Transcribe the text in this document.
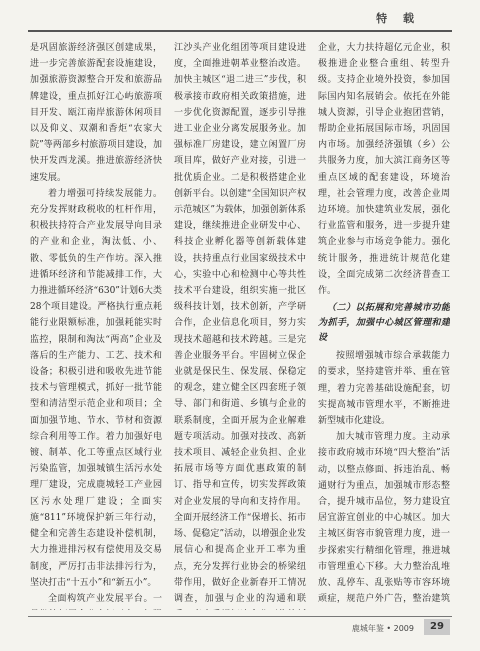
特 载

是巩固旅游经济强区创建成果，进一步完善旅游配套设施建设，加强旅游资源整合开发和旅游品牌建设，重点抓好江心屿旅游项目开发、瓯江南岸旅游休闲项目以及仰义、双潮和香炬“农家大院”等两部乡村旅游项目建设，加快开发西龙溪。推进旅游经济快速发展。

着力增强可持续发展能力。充分发挥财政税收的杠杆作用，积极扶持符合产业发展导向目录的产业和企业，淘汰低、小、散、零低负的生产作坊。深入推进循环经济和节能减排工作，大力推进循环经济“630”计划6大类28个项目建设。严格执行重点耗能行业限额标准，加强耗能实时监控，限制和淘汰“两高”企业及落后的生产能力、工艺、技术和设备；积极引进和吸收先进节能技术与管理模式，抓好一批节能型和清洁型示范企业和项目；全面加强节地、节水、节材和资源综合利用等工作。着力加强好电镀、制革、化工等重点区域行业污染监管，加强城镇生活污水处理厂建设，完成鹿城轻工产业园区污水处理厂建设；全面实施“811”环境保护新三年行动，健全和完善生态建设补偿机制，大力推进排污权有偿使用及交易制度，严厉打击非法排污行为，坚决打击“十五小”和“新五小”。

全面构筑产业发展平台。一

江沙头产业化组团等项目建设进度，全面推进朝革业整治改造。加快主城区“退二进三”步伐，积极承接市政府相关政策措施，进一步优化资源配置，逐步引导推进工业企业分离发展服务业。加强标准厂房建设，建立闲置厂房项目库，做好产业对接，引进一批优质企业。二是积极搭建企业创新平台。以创建“全国知识产权示范城区”为载体，加强创新体系建设，继续推进企业研发中心、科技企业孵化器等创新载体建设，扶持重点行业国家级技术中心，实验中心和检测中心等共性技术平台建设，组织实施一批区级科技计划，技术创新，产学研合作，企业信息化项目，努力实现技术超越和技术跨越。三是完善企业服务平台。牢固树立保企业就是保民生、保发展、保稳定的观念，建立健全区四套班子领导、部门和街道、乡镇与企业的联系制度，全面开展为企业解难题专项活动。加强对技改、高新技术项目、减轻企业负担、企业拓展市场等方面优惠政策的制订、指导和宣传，切实发挥政策对企业发展的导向和支持作用。全面开展经济工作“保增长、拓市场、促稳定”活动，以增强企业发展信心和提高企业开工率为重点，充分发挥行业协会的桥梁纽带作用，做好企业新春开工情况调查，加强与企业的沟通和联

企业，大力扶持超亿元企业，积极推进企业整合重组、转型升级。支持企业境外投资，参加国际国内知名展销会。依托在外能城人资源，引导企业抱团营销，帮助企业拓展国际市场，巩固国内市场。加强经济强镇（乡）公共服务力度，加大滨江商务区等重点区域的配套建设，环境治理，社会管理力度，改善企业周边环境。加快建筑业发展，强化行业监管和服务，进一步提升建筑企业参与市场竞争能力。强化统计服务，推进统计规范化建设，全面完成第二次经济普查工作。

（二）以拓展和完善城市功能为抓手，加强中心城区管理和建设

按照增强城市综合承载能力的要求，坚持建管并举、重在管理，着力完善基础设施配套，切实提高城市管理水平，不断推进新型城市化建设。

加大城市管理力度。主动承接市政府城市环境“四大整治”活动，以整点修面、拆违治乱、畅通财行为重点，加强城市形态整合，提升城市品位，努力建设宜居宜游宜创业的中心城区。加大主城区街容市貌管理力度，进一步探索实行精细化管理，推进城市管理重心下移。大力整治乱堆放、乱停车、乱张贴等市容环境顽症，规范户外广告，整治建筑

鹿城年鉴 • 2009	29
